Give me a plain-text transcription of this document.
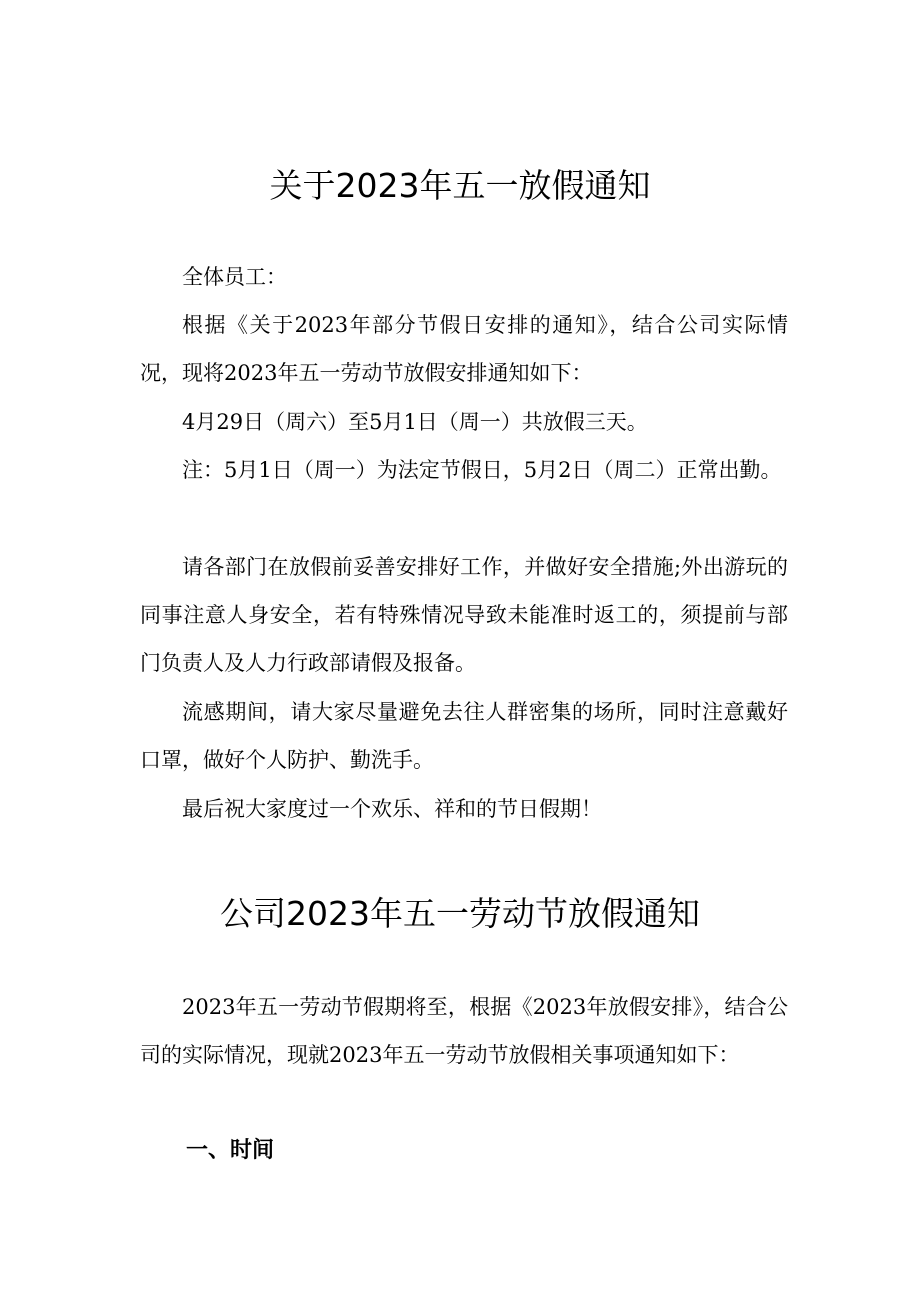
关于2023年五一放假通知

全体员工：

根据《关于2023年部分节假日安排的通知》，结合公司实际情况，现将2023年五一劳动节放假安排通知如下：

4月29日（周六）至5月1日（周一）共放假三天。

注：5月1日（周一）为法定节假日，5月2日（周二）正常出勤。

请各部门在放假前妥善安排好工作，并做好安全措施;外出游玩的同事注意人身安全，若有特殊情况导致未能准时返工的，须提前与部门负责人及人力行政部请假及报备。

流感期间，请大家尽量避免去往人群密集的场所，同时注意戴好口罩，做好个人防护、勤洗手。

最后祝大家度过一个欢乐、祥和的节日假期！

公司2023年五一劳动节放假通知

2023年五一劳动节假期将至，根据《2023年放假安排》，结合公司的实际情况，现就2023年五一劳动节放假相关事项通知如下：

一、时间
